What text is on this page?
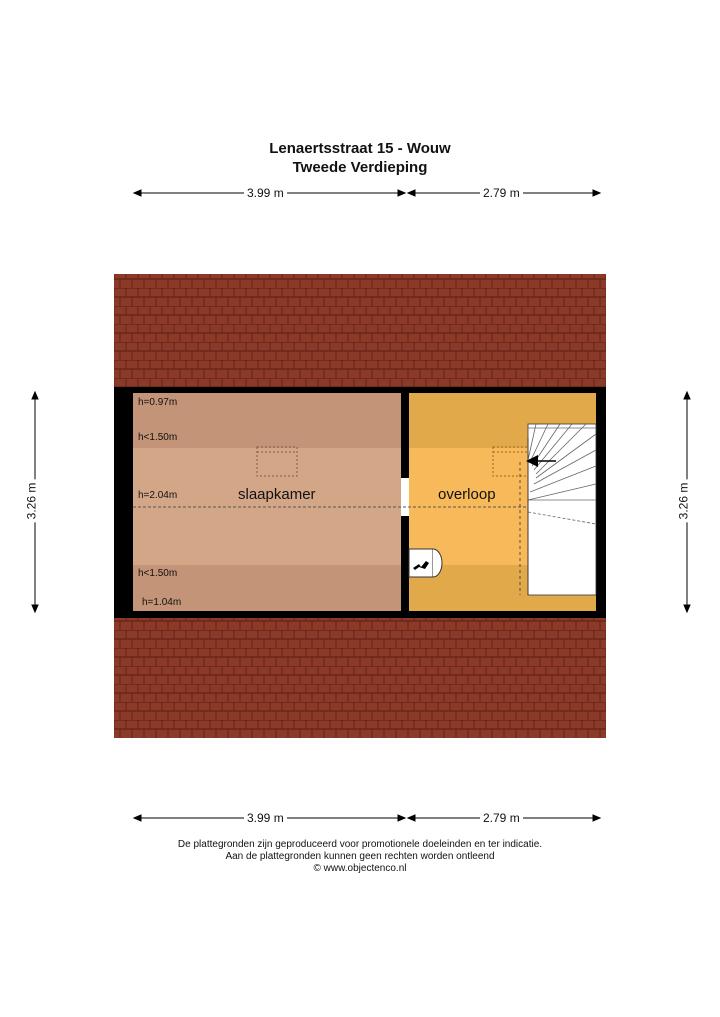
Lenaertsstraat 15 - Wouw
Tweede Verdieping
3.99 m	2.79 m
3.99 m	2.79 m
3.26 m	3.26 m
slaapkamer	overloop
h=0.97m
h<1.50m
h=2.04m
h<1.50m
h=1.04m
De plattegronden zijn geproduceerd voor promotionele doeleinden en ter indicatie.
Aan de plattegronden kunnen geen rechten worden ontleend
© www.objectenco.nl
